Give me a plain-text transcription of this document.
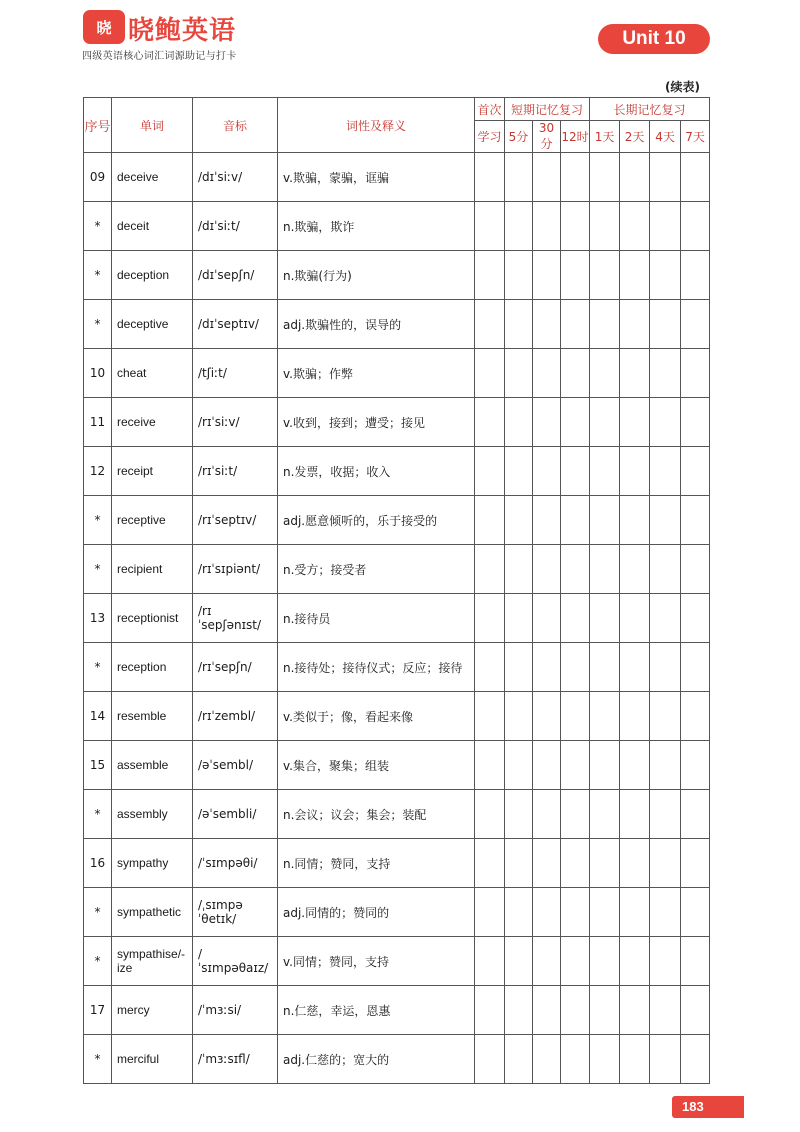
晓 晓鲍英语
四级英语核心词汇词源助记与打卡
Unit 10
(续表)
序号	单词	音标	词性及释义	首次	短期记忆复习			长期记忆复习			
				学习	5分	30分	12时	1天	2天	4天	7天
09	deceive	/dɪˈsiːv/	v.欺骗，蒙骗，诓骗								
*	deceit	/dɪˈsiːt/	n.欺骗，欺诈								
*	deception	/dɪˈsepʃn/	n.欺骗(行为)								
*	deceptive	/dɪˈseptɪv/	adj.欺骗性的，误导的								
10	cheat	/tʃiːt/	v.欺骗；作弊								
11	receive	/rɪˈsiːv/	v.收到，接到；遭受；接见								
12	receipt	/rɪˈsiːt/	n.发票，收据；收入								
*	receptive	/rɪˈseptɪv/	adj.愿意倾听的，乐于接受的								
*	recipient	/rɪˈsɪpiənt/	n.受方；接受者								
13	receptionist	/rɪˈsepʃənɪst/	n.接待员								
*	reception	/rɪˈsepʃn/	n.接待处；接待仪式；反应；接待								
14	resemble	/rɪˈzembl/	v.类似于；像，看起来像								
15	assemble	/əˈsembl/	v.集合，聚集；组装								
*	assembly	/əˈsembli/	n.会议；议会；集会；装配								
16	sympathy	/ˈsɪmpəθi/	n.同情；赞同，支持								
*	sympathetic	/ˌsɪmpəˈθetɪk/	adj.同情的；赞同的								
*	sympathise/-ize	/ˈsɪmpəθaɪz/	v.同情；赞同，支持								
17	mercy	/ˈmɜːsi/	n.仁慈，幸运，恩惠								
*	merciful	/ˈmɜːsɪfl/	adj.仁慈的；宽大的								
183
